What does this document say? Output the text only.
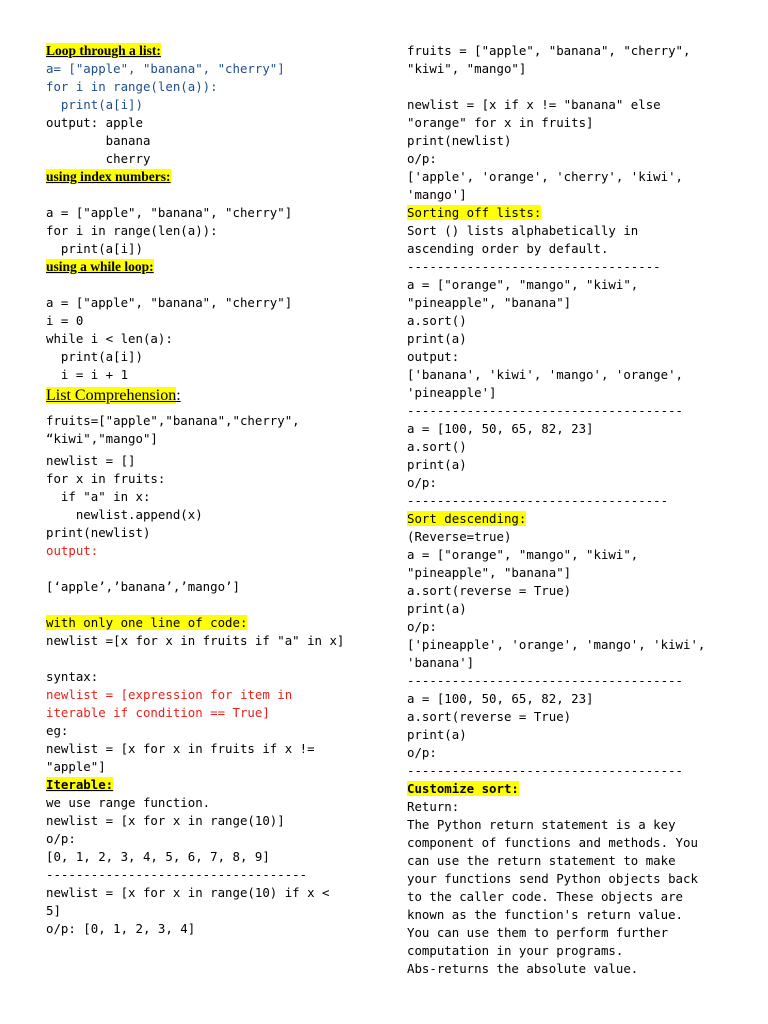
Loop through a list:
a= ["apple", "banana", "cherry"]
for i in range(len(a)):
print(a[i])
output: apple
banana
cherry
using index numbers:
a = ["apple", "banana", "cherry"]
for i in range(len(a)):
print(a[i])
using a while loop:
a = ["apple", "banana", "cherry"]
i = 0
while i < len(a):
print(a[i])
i = i + 1
List Comprehension:
fruits=["apple","banana","cherry",
“kiwi","mango"]
newlist = []
for x in fruits:
if "a" in x:
newlist.append(x)
print(newlist)
output:
[‘apple’,’banana’,’mango’]
with only one line of code:
newlist =[x for x in fruits if "a" in x]
syntax:
newlist = [expression for item in
iterable if condition == True]
eg:
newlist = [x for x in fruits if x !=
"apple"]
Iterable:
we use range function.
newlist = [x for x in range(10)]
o/p:
[0, 1, 2, 3, 4, 5, 6, 7, 8, 9]
-----------------------------------
newlist = [x for x in range(10) if x <
5]
o/p: [0, 1, 2, 3, 4]
fruits = ["apple", "banana", "cherry",
"kiwi", "mango"]
newlist = [x if x != "banana" else
"orange" for x in fruits]
print(newlist)
o/p:
['apple', 'orange', 'cherry', 'kiwi',
'mango']
Sorting off lists:
Sort () lists alphabetically in
ascending order by default.
----------------------------------
a = ["orange", "mango", "kiwi",
"pineapple", "banana"]
a.sort()
print(a)
output:
['banana', 'kiwi', 'mango', 'orange',
'pineapple']
-------------------------------------
a = [100, 50, 65, 82, 23]
a.sort()
print(a)
o/p:
-----------------------------------
Sort descending:
(Reverse=true)
a = ["orange", "mango", "kiwi",
"pineapple", "banana"]
a.sort(reverse = True)
print(a)
o/p:
['pineapple', 'orange', 'mango', 'kiwi',
'banana']
-------------------------------------
a = [100, 50, 65, 82, 23]
a.sort(reverse = True)
print(a)
o/p:
-------------------------------------
Customize sort:
Return:
The Python return statement is a key
component of functions and methods. You
can use the return statement to make
your functions send Python objects back
to the caller code. These objects are
known as the function's return value.
You can use them to perform further
computation in your programs.
Abs-returns the absolute value.
